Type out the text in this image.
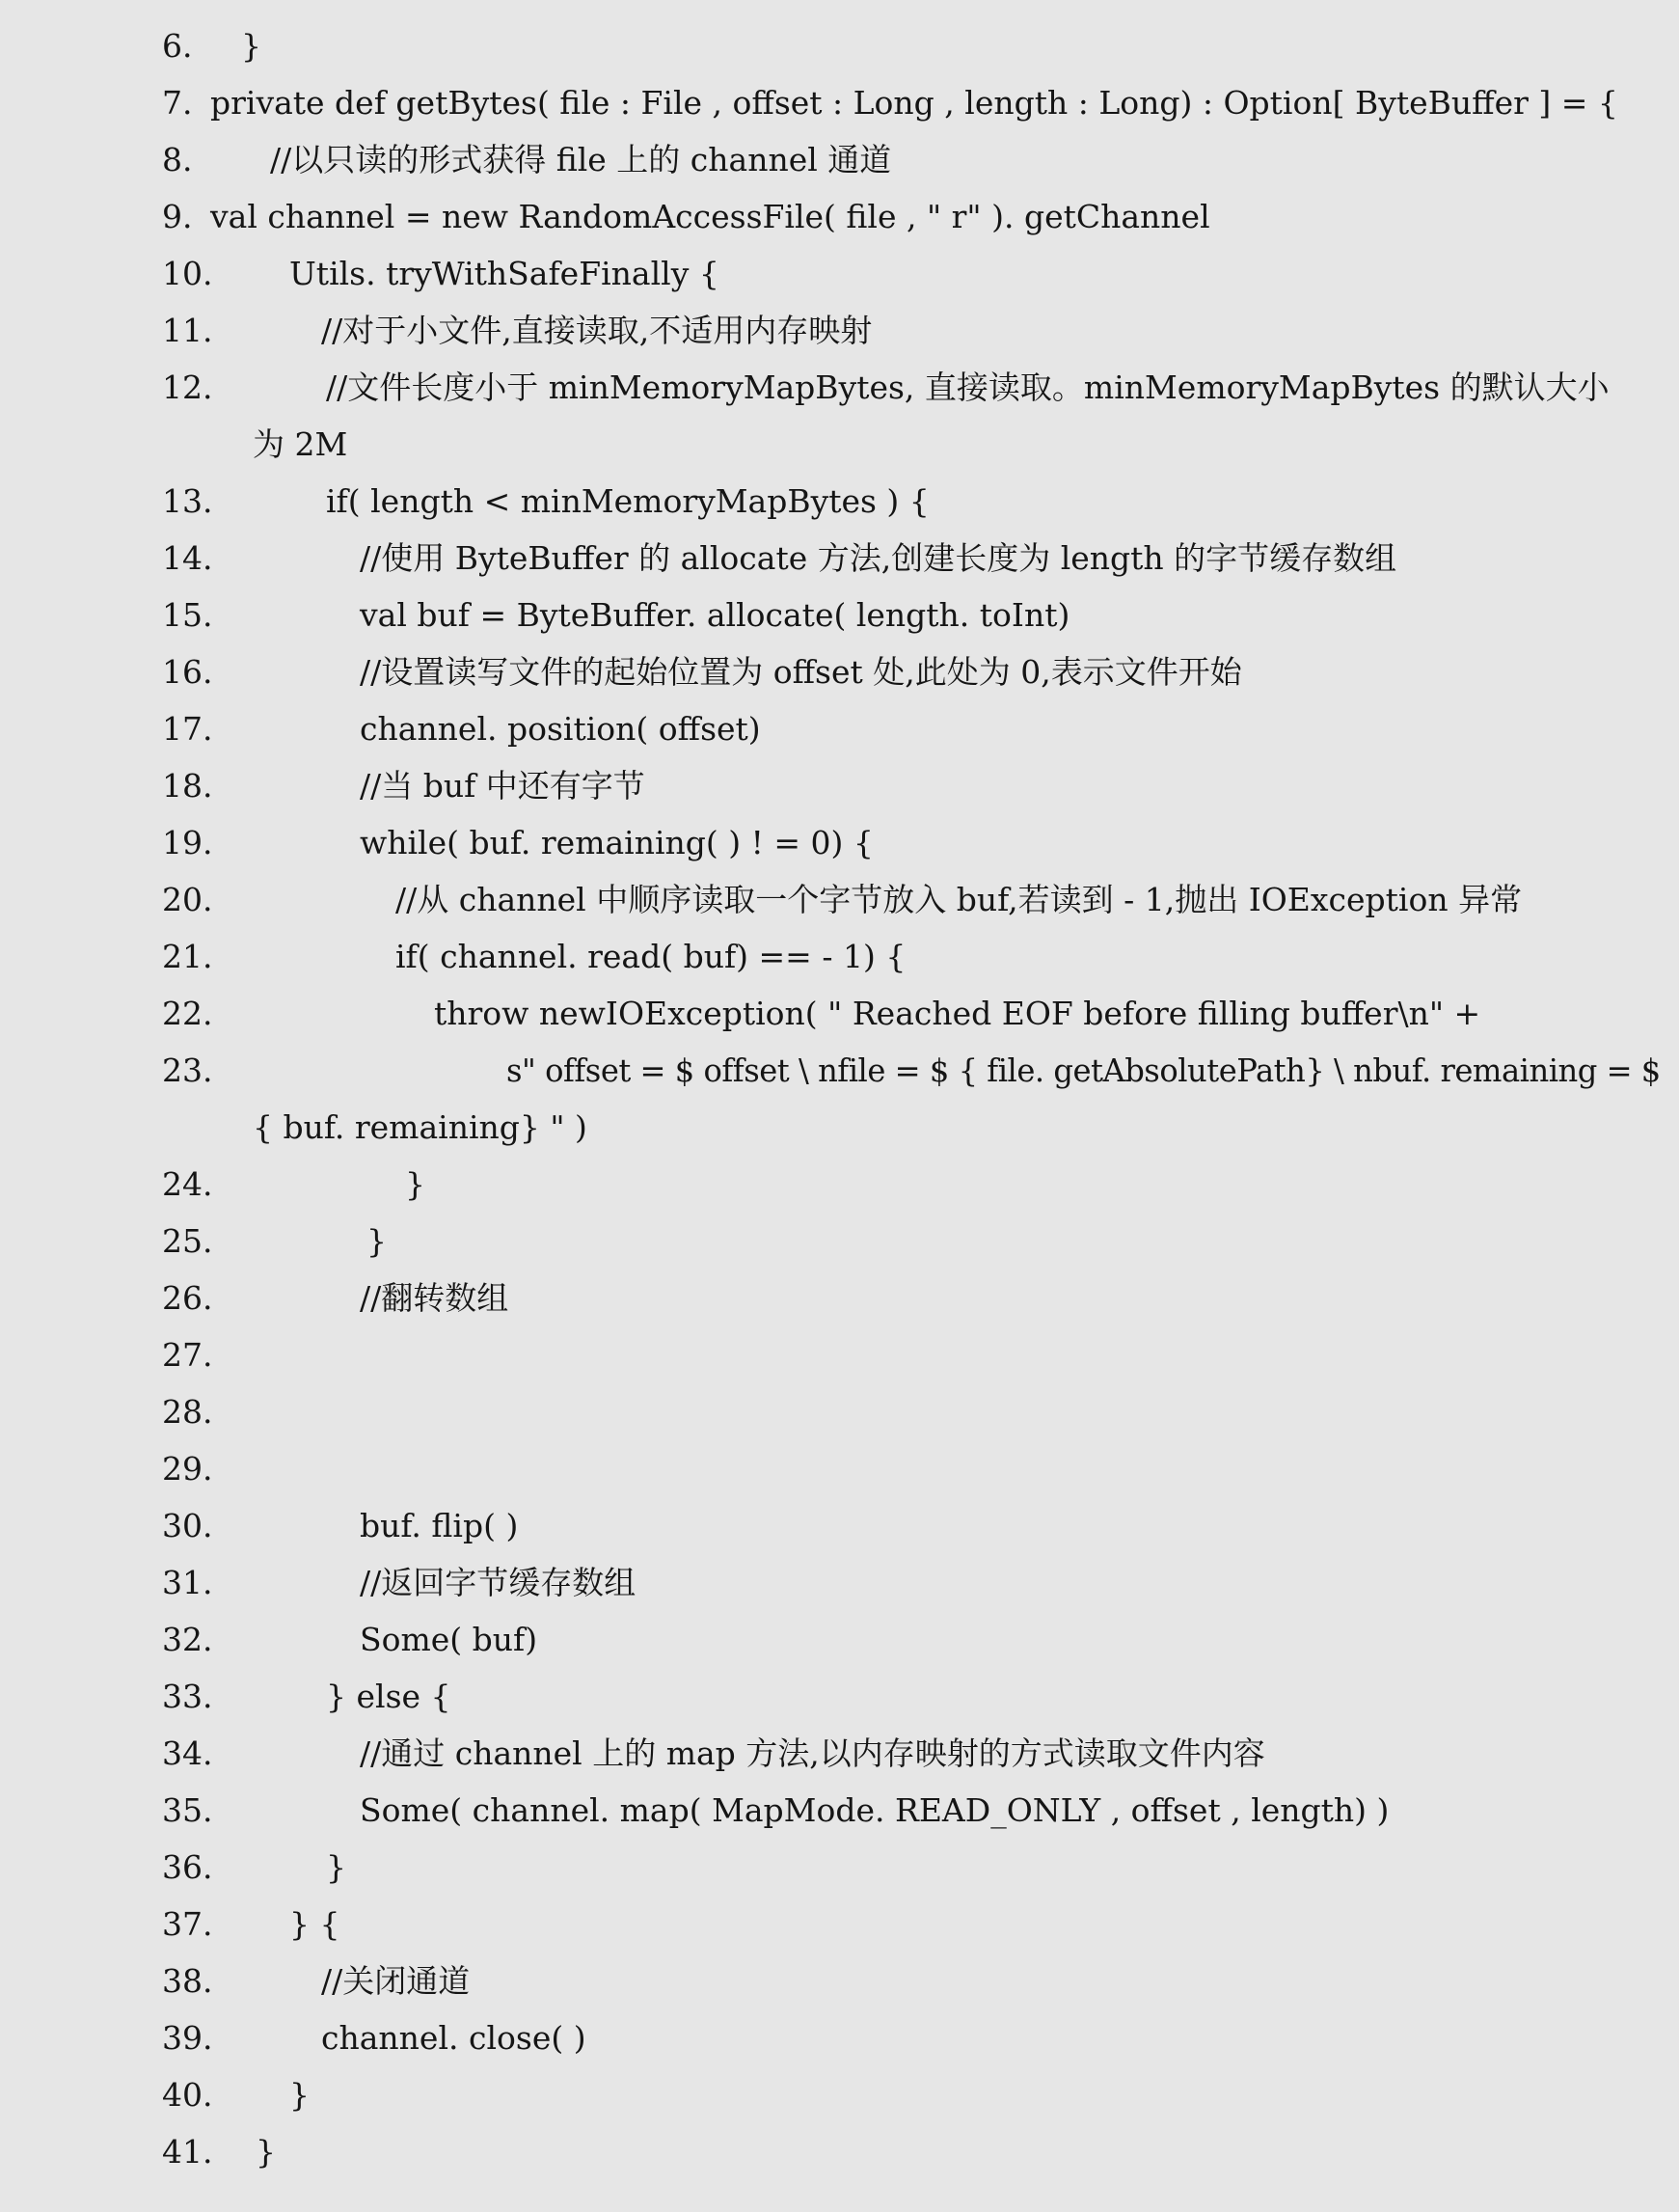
6.	}
7. private def getBytes( file : File , offset : Long , length : Long) : Option[ ByteBuffer ] = {
8.	//以只读的形式获得 file 上的 channel 通道
9. val channel = new RandomAccessFile( file , " r" ). getChannel
10. Utils. tryWithSafeFinally {
11.	//对于小文件,直接读取,不适用内存映射
12.	//文件长度小于 minMemoryMapBytes, 直接读取。minMemoryMapBytes 的默认大小
为 2M
13.	if( length < minMemoryMapBytes ) {
14.	//使用 ByteBuffer 的 allocate 方法,创建长度为 length 的字节缓存数组
15.	val buf = ByteBuffer. allocate( length. toInt)
16.	//设置读写文件的起始位置为 offset 处,此处为 0,表示文件开始
17.	channel. position( offset)
18.	//当 buf 中还有字节
19.	while( buf. remaining( ) ! = 0) {
20.	//从 channel 中顺序读取一个字节放入 buf,若读到 - 1,抛出 IOException 异常
21.	if( channel. read( buf) == - 1) {
22.	throw newIOException( " Reached EOF before filling buffer\n" +
23.	s" offset = $ offset \ nfile = $ { file. getAbsolutePath} \ nbuf. remaining = $
{ buf. remaining} " )
24.	}
25.	}
26.	//翻转数组
27.
28.
29.
30.	buf. flip( )
31.	//返回字节缓存数组
32.	Some( buf)
33.	} else {
34.	//通过 channel 上的 map 方法,以内存映射的方式读取文件内容
35.	Some( channel. map( MapMode. READ_ONLY , offset , length) )
36.	}
37. } {
38.	//关闭通道
39.	channel. close( )
40. }
41. }
